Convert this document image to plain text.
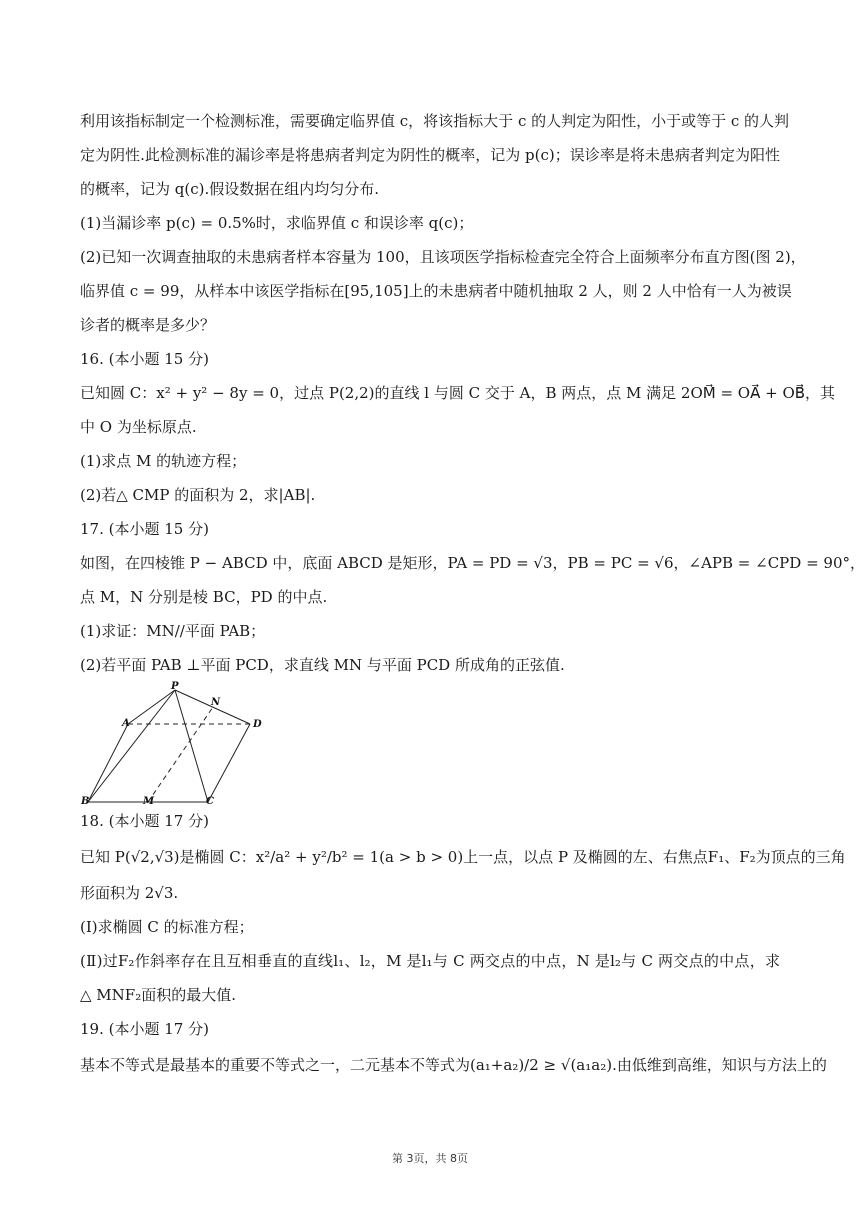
利用该指标制定一个检测标准，需要确定临界值 c，将该指标大于 c 的人判定为阳性，小于或等于 c 的人判
定为阴性.此检测标准的漏诊率是将患病者判定为阴性的概率，记为 p(c)；误诊率是将未患病者判定为阳性
的概率，记为 q(c).假设数据在组内均匀分布.
(1)当漏诊率 p(c) = 0.5%时，求临界值 c 和误诊率 q(c)；
(2)已知一次调查抽取的未患病者样本容量为 100，且该项医学指标检查完全符合上面频率分布直方图(图 2)，
临界值 c = 99，从样本中该医学指标在[95,105]上的未患病者中随机抽取 2 人，则 2 人中恰有一人为被误
诊者的概率是多少？
16. (本小题 15 分)
已知圆 C：x² + y² − 8y = 0，过点 P(2,2)的直线 l 与圆 C 交于 A，B 两点，点 M 满足 2OM⃗ = OA⃗ + OB⃗，其
中 O 为坐标原点.
(1)求点 M 的轨迹方程；
(2)若△ CMP 的面积为 2，求|AB|.
17. (本小题 15 分)
如图，在四棱锥 P − ABCD 中，底面 ABCD 是矩形，PA = PD = √3，PB = PC = √6，∠APB = ∠CPD = 90°，
点 M，N 分别是棱 BC，PD 的中点.
(1)求证：MN//平面 PAB；
(2)若平面 PAB ⊥平面 PCD，求直线 MN 与平面 PCD 所成角的正弦值.
P
N
A	D
B	M	C
18. (本小题 17 分)
已知 P(√2,√3)是椭圆 C：x²/a² + y²/b² = 1(a > b > 0)上一点，以点 P 及椭圆的左、右焦点F₁、F₂为顶点的三角
形面积为 2√3.
(Ⅰ)求椭圆 C 的标准方程；
(Ⅱ)过F₂作斜率存在且互相垂直的直线l₁、l₂，M 是l₁与 C 两交点的中点，N 是l₂与 C 两交点的中点，求
△ MNF₂面积的最大值.
19. (本小题 17 分)
基本不等式是最基本的重要不等式之一，二元基本不等式为(a₁+a₂)/2 ≥ √(a₁a₂).由低维到高维，知识与方法上的
第 3页，共 8页
